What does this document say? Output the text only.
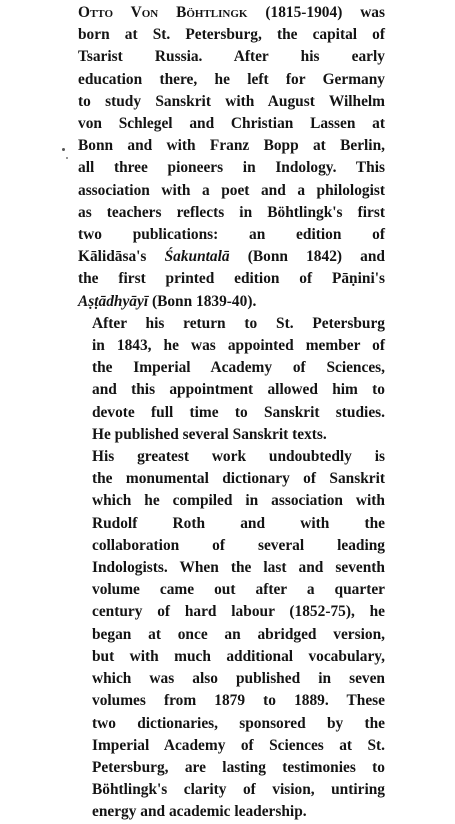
Otto Von Böhtlingk (1815-1904) was
born at St. Petersburg, the capital of
Tsarist Russia. After his early
education there, he left for Germany
to study Sanskrit with August Wilhelm
von Schlegel and Christian Lassen at
Bonn and with Franz Bopp at Berlin,
all three pioneers in Indology. This
association with a poet and a philologist
as teachers reflects in Böhtlingk's first
two publications: an edition of
Kālidāsa's Śakuntalā (Bonn 1842) and
the first printed edition of Pāṇini's
Aṣṭādhyāyī (Bonn 1839-40).

After his return to St. Petersburg
in 1843, he was appointed member of
the Imperial Academy of Sciences,
and this appointment allowed him to
devote full time to Sanskrit studies.
He published several Sanskrit texts.

His greatest work undoubtedly is
the monumental dictionary of Sanskrit
which he compiled in association with
Rudolf Roth and with the
collaboration of several leading
Indologists. When the last and seventh
volume came out after a quarter
century of hard labour (1852-75), he
began at once an abridged version,
but with much additional vocabulary,
which was also published in seven
volumes from 1879 to 1889. These
two dictionaries, sponsored by the
Imperial Academy of Sciences at St.
Petersburg, are lasting testimonies to
Böhtlingk's clarity of vision, untiring
energy and academic leadership.
